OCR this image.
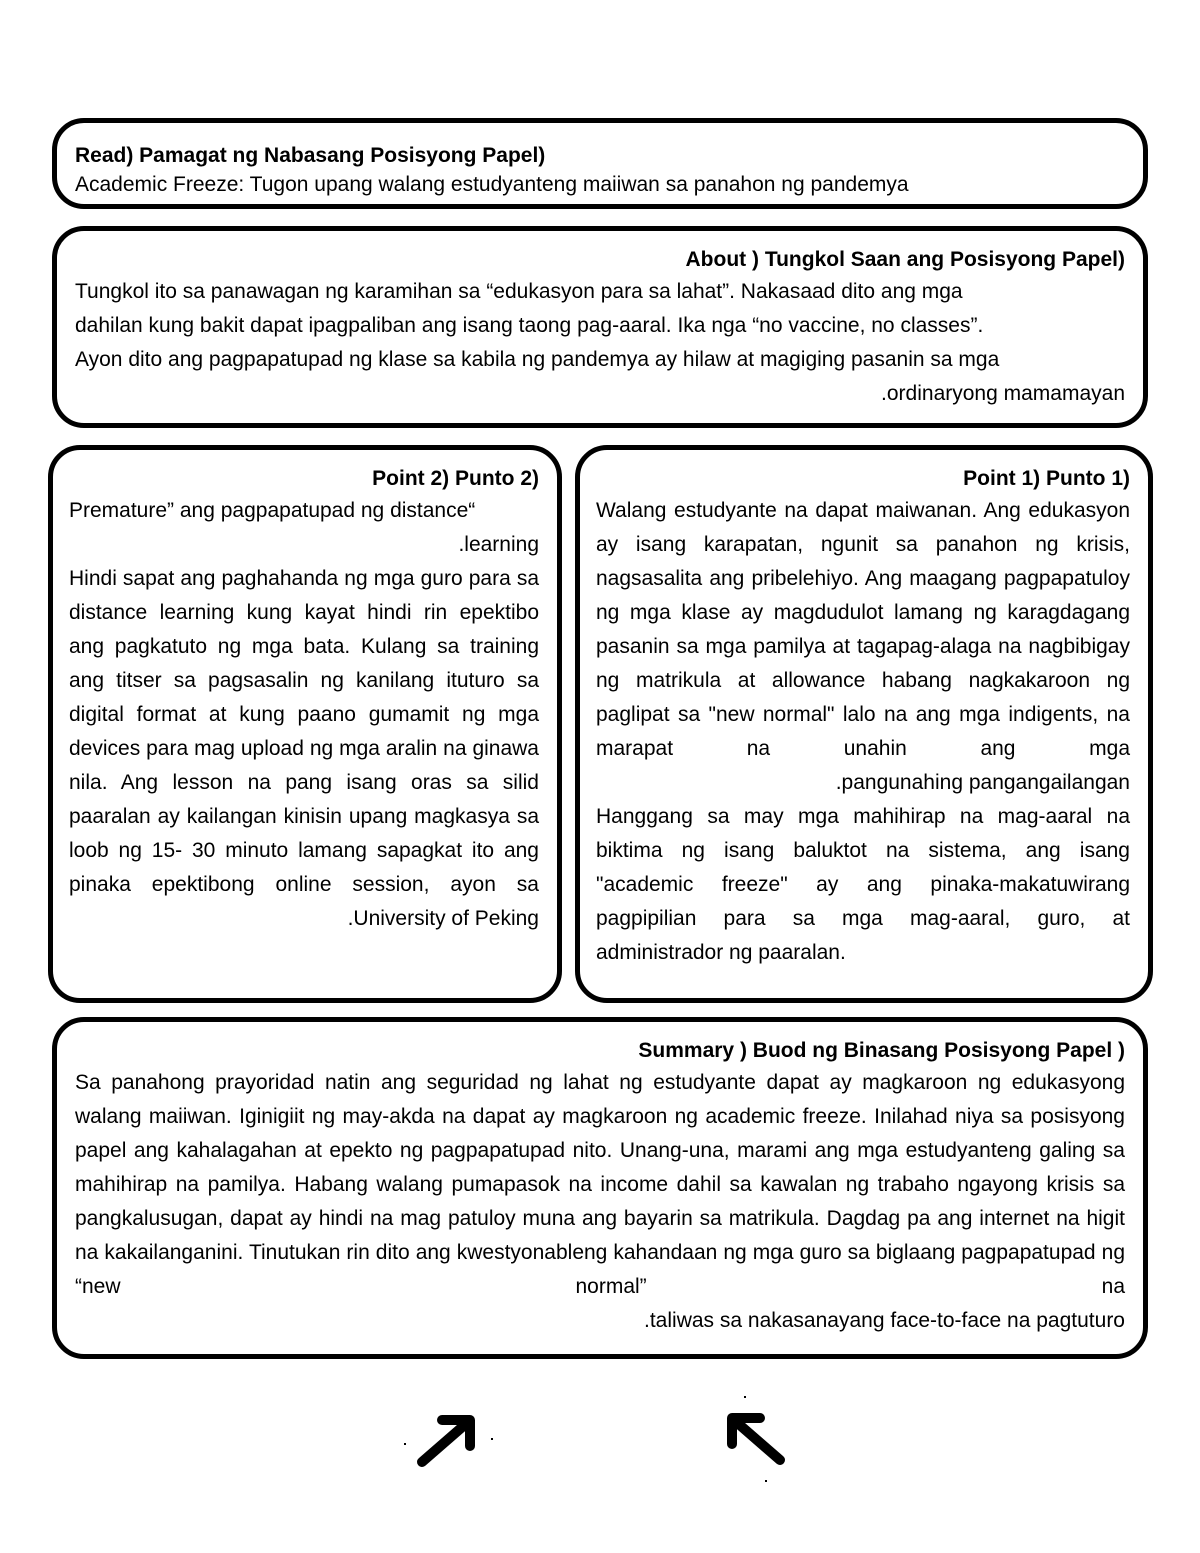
Read) Pamagat ng Nabasang Posisyong Papel)
Academic Freeze: Tugon upang walang estudyanteng maiiwan sa panahon ng pandemya
About ) Tungkol Saan ang Posisyong Papel)
Tungkol ito sa panawagan ng karamihan sa “edukasyon para sa lahat”. Nakasaad dito ang mga
dahilan kung bakit dapat ipagpaliban ang isang taong pag-aaral. Ika nga “no vaccine, no classes”.
Ayon dito ang pagpapatupad ng klase sa kabila ng pandemya ay hilaw at magiging pasanin sa mga
.ordinaryong mamamayan
Point 2) Punto 2)
Premature” ang pagpapatupad ng distance“
.learning

Hindi sapat ang paghahanda ng mga guro para sa distance learning kung kayat hindi rin epektibo ang pagkatuto ng mga bata. Kulang sa training ang titser sa pagsasalin ng kanilang ituturo sa digital format at kung paano gumamit ng mga devices para mag upload ng mga aralin na ginawa nila. Ang lesson na pang isang oras sa silid paaralan ay kailangan kinisin upang magkasya sa loob ng 15- 30 minuto lamang sapagkat ito ang pinaka epektibong online session, ayon sa

.University of Peking
Point 1) Punto 1)

Walang estudyante na dapat maiwanan. Ang edukasyon ay isang karapatan, ngunit sa panahon ng krisis, nagsasalita ang pribelehiyo. Ang maagang pagpapatuloy ng mga klase ay magdudulot lamang ng karagdagang pasanin sa mga pamilya at tagapag-alaga na nagbibigay ng matrikula at allowance habang nagkakaroon ng paglipat sa "new normal" lalo na ang mga indigents, na marapat na unahin ang mga

.pangunahing pangangailangan

Hanggang sa may mga mahihirap na mag-aaral na biktima ng isang baluktot na sistema, ang isang "academic freeze" ay ang pinaka-makatuwirang pagpipilian para sa mga mag-aaral, guro, at administrador ng paaralan.

Summary ) Buod ng Binasang Posisyong Papel )

Sa panahong prayoridad natin ang seguridad ng lahat ng estudyante dapat ay magkaroon ng edukasyong walang maiiwan. Iginigiit ng may-akda na dapat ay magkaroon ng academic freeze. Inilahad niya sa posisyong papel ang kahalagahan at epekto ng pagpapatupad nito. Unang-una, marami ang mga estudyanteng galing sa mahihirap na pamilya. Habang walang pumapasok na income dahil sa kawalan ng trabaho ngayong krisis sa pangkalusugan, dapat ay hindi na mag patuloy muna ang bayarin sa matrikula. Dagdag pa ang internet na higit na kakailanganini. Tinutukan rin dito ang kwestyonableng kahandaan ng mga guro sa biglaang pagpapatupad ng “new normal” na

.taliwas sa nakasanayang face-to-face na pagtuturo
